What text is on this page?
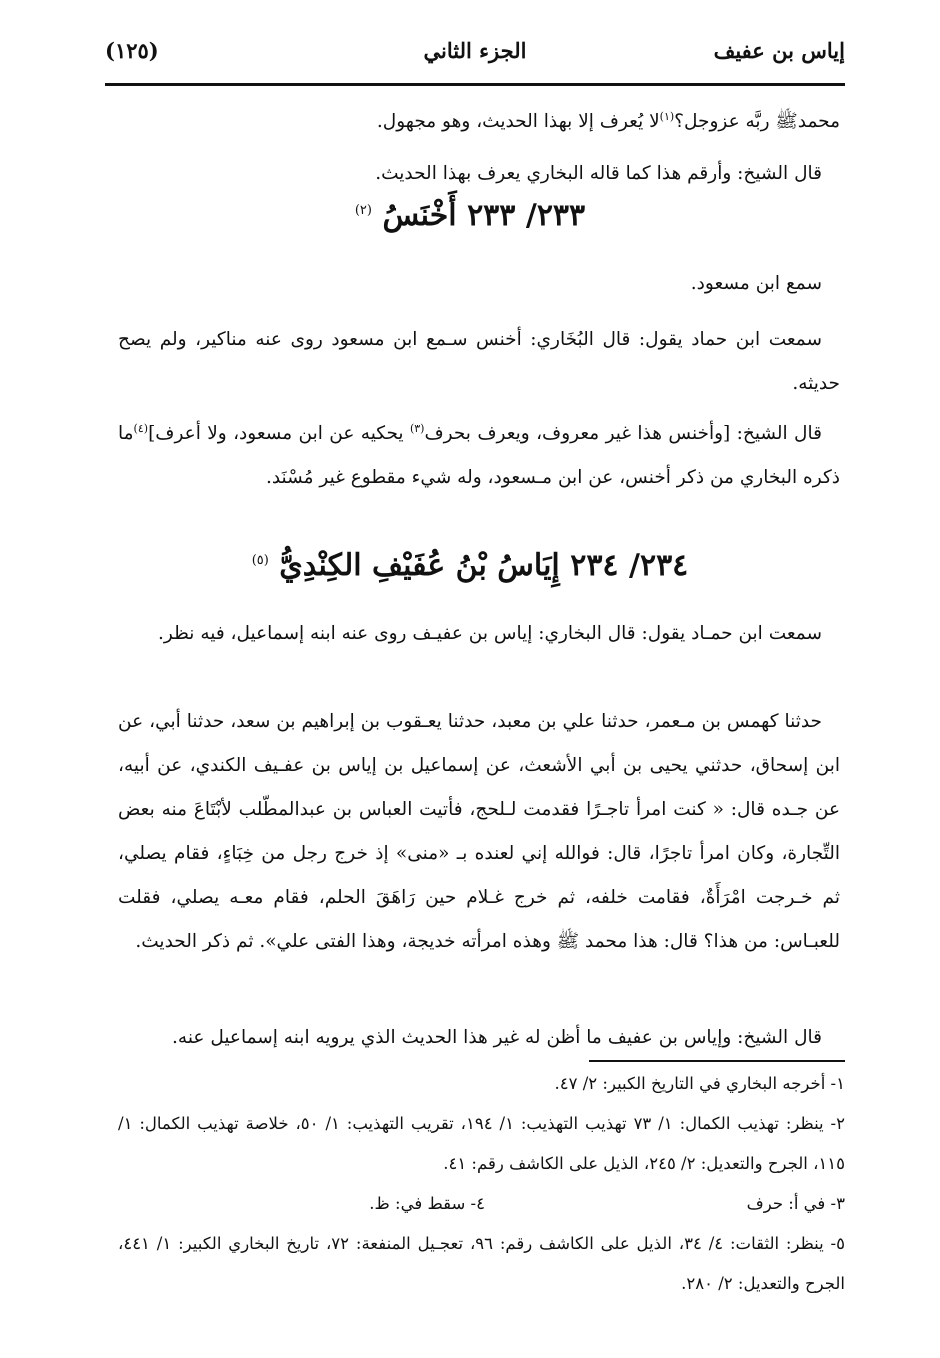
إياس بن عفيف
الجزء الثاني
(١٢٥)

محمدﷺ ربَّه عزوجل؟$^{(١)}$لا يُعرف إلا بهذا الحديث، وهو مجهول.

قال الشيخ: وأرقم هذا كما قاله البخاري يعرف بهذا الحديث.

٢٣٣/ ٢٣٣ أَخْنَسُ $^{(٢)}$

سمع ابن مسعود.

سمعت ابن حماد يقول: قال البُخَاري: أخنس سـمع ابن مسعود روى عنه مناكير، ولم يصح حديثه.

قال الشيخ: [وأخنس هذا غير معروف، ويعرف بحرف$^{(٣)}$ يحكيه عن ابن مسعود، ولا أعرف]$^{(٤)}$ما ذكره البخاري من ذكر أخنس، عن ابن مـسعود، وله شيء مقطوع غير مُسْنَد.

٢٣٤/ ٢٣٤ إِيَاسُ بْنُ عُفَيْفِ الكِنْدِيُّ $^{(٥)}$

سمعت ابن حمـاد يقول: قال البخاري: إياس بن عفيـف روى عنه ابنه إسماعيل، فيه نظر.

حدثنا كهمس بن مـعمر، حدثنا علي بن معبد، حدثنا يعـقوب بن إبراهيم بن سعد، حدثنا أبي، عن ابن إسحاق، حدثني يحيى بن أبي الأشعث، عن إسماعيل بن إياس بن عفـيف الكندي، عن أبيه، عن جـده قال: « كنت امرأ تاجـرًا فقدمت لـلحج، فأتيت العباس بن عبدالمطّلب لأبْتَاعَ منه بعض التِّجارة، وكان امرأ تاجرًا، قال: فوالله إني لعنده بـ «منى» إذ خرج رجل من خِبَاءٍ، فقام يصلي، ثم خـرجت امْرَأَةٌ، فقامت خلفه، ثم خرج غـلام حين رَاهَقَ الحلم، فقام معـه يصلي، فقلت للعبـاس: من هذا؟ قال: هذا محمد ﷺ وهذه امرأته خديجة، وهذا الفتى علي». ثم ذكر الحديث.

قال الشيخ: وإياس بن عفيف ما أظن له غير هذا الحديث الذي يرويه ابنه إسماعيل عنه.

١- أخرجه البخاري في التاريخ الكبير: ٢/ ٤٧.

٢- ينظر: تهذيب الكمال: ١/ ٧٣ تهذيب التهذيب: ١/ ١٩٤، تقريب التهذيب: ١/ ٥٠، خلاصة تهذيب الكمال: ١/ ١١٥، الجرح والتعديل: ٢/ ٢٤٥، الذيل على الكاشف رقم: ٤١.

٣- في أ: حرف
٤- سقط في: ظ.

٥- ينظر: الثقات: ٤/ ٣٤، الذيل على الكاشف رقم: ٩٦، تعجـيل المنفعة: ٧٢، تاريخ البخاري الكبير: ١/ ٤٤١، الجرح والتعديل: ٢/ ٢٨٠.
